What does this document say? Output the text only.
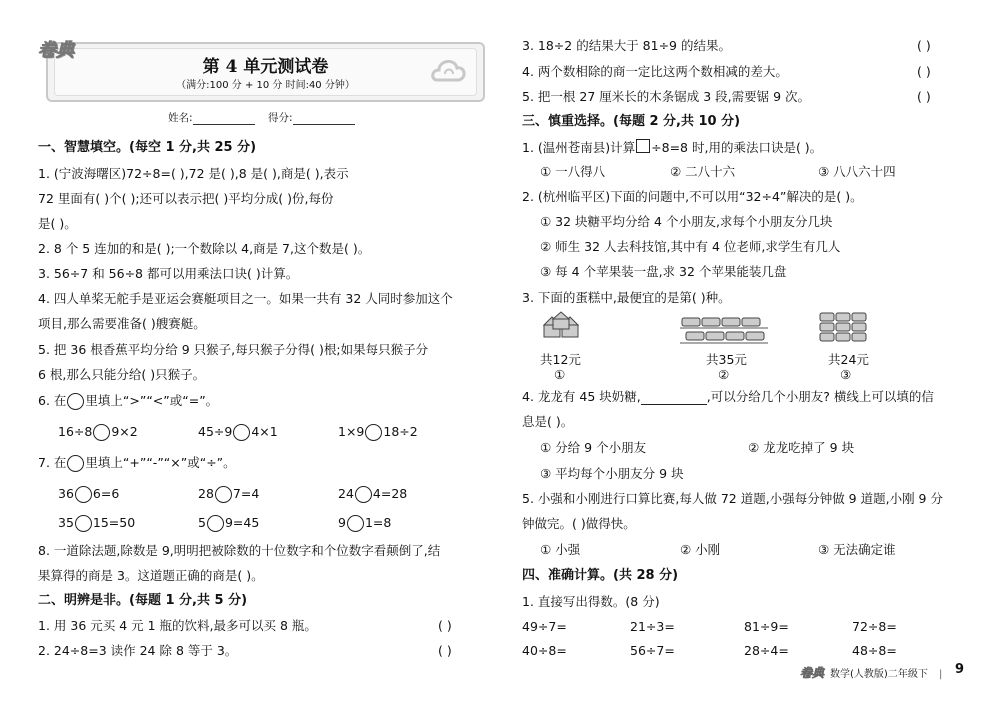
卷典
第 4 单元测试卷
（满分:100 分 + 10 分 时间:40 分钟）
姓名:	得分:
一、智慧填空。(每空 1 分,共 25 分)
1. (宁波海曙区)72÷8=( ),72 是( ),8 是( ),商是( ),表示
72 里面有( )个( );还可以表示把( )平均分成( )份,每份
是( )。
2. 8 个 5 连加的和是( );一个数除以 4,商是 7,这个数是( )。
3. 56÷7 和 56÷8 都可以用乘法口诀( )计算。
4. 四人单桨无舵手是亚运会赛艇项目之一。如果一共有 32 人同时参加这个
项目,那么需要准备( )艘赛艇。
5. 把 36 根香蕉平均分给 9 只猴子,每只猴子分得( )根;如果每只猴子分
6 根,那么只能分给( )只猴子。
6. 在 里填上“>”“<”或“=”。
16÷8 9×2	45÷9 4×1	1×9 18÷2
7. 在 里填上“+”“-”“×”或“÷”。
36 6=6	28 7=4	24 4=28
35 15=50	5 9=45	9 1=8
8. 一道除法题,除数是 9,明明把被除数的十位数字和个位数字看颠倒了,结
果算得的商是 3。这道题正确的商是( )。
二、明辨是非。(每题 1 分,共 5 分)
1. 用 36 元买 4 元 1 瓶的饮料,最多可以买 8 瓶。	( )
2. 24÷8=3 读作 24 除 8 等于 3。	( )
3. 18÷2 的结果大于 81÷9 的结果。	( )
4. 两个数相除的商一定比这两个数相减的差大。	( )
5. 把一根 27 厘米长的木条锯成 3 段,需要锯 9 次。	( )
三、慎重选择。(每题 2 分,共 10 分)
1. (温州苍南县)计算 ÷8=8 时,用的乘法口诀是( )。
① 一八得八	② 二八十六	③ 八八六十四
2. (杭州临平区)下面的问题中,不可以用“32÷4”解决的是( )。
① 32 块糖平均分给 4 个小朋友,求每个小朋友分几块
② 师生 32 人去科技馆,其中有 4 位老师,求学生有几人
③ 每 4 个苹果装一盘,求 32 个苹果能装几盘
3. 下面的蛋糕中,最便宜的是第( )种。
共12元	共35元	共24元
①	②	③
4. 龙龙有 45 块奶糖,	,可以分给几个小朋友? 横线上可以填的信
息是( )。
① 分给 9 个小朋友	② 龙龙吃掉了 9 块
③ 平均每个小朋友分 9 块
5. 小强和小刚进行口算比赛,每人做 72 道题,小强每分钟做 9 道题,小刚 9 分
钟做完。( )做得快。
① 小强	② 小刚	③ 无法确定谁
四、准确计算。(共 28 分)
1. 直接写出得数。(8 分)
49÷7=	21÷3=	81÷9=	72÷8=
40÷8=	56÷7=	28÷4=	48÷8=
卷典 数学(人教版)二年级下 | 9
